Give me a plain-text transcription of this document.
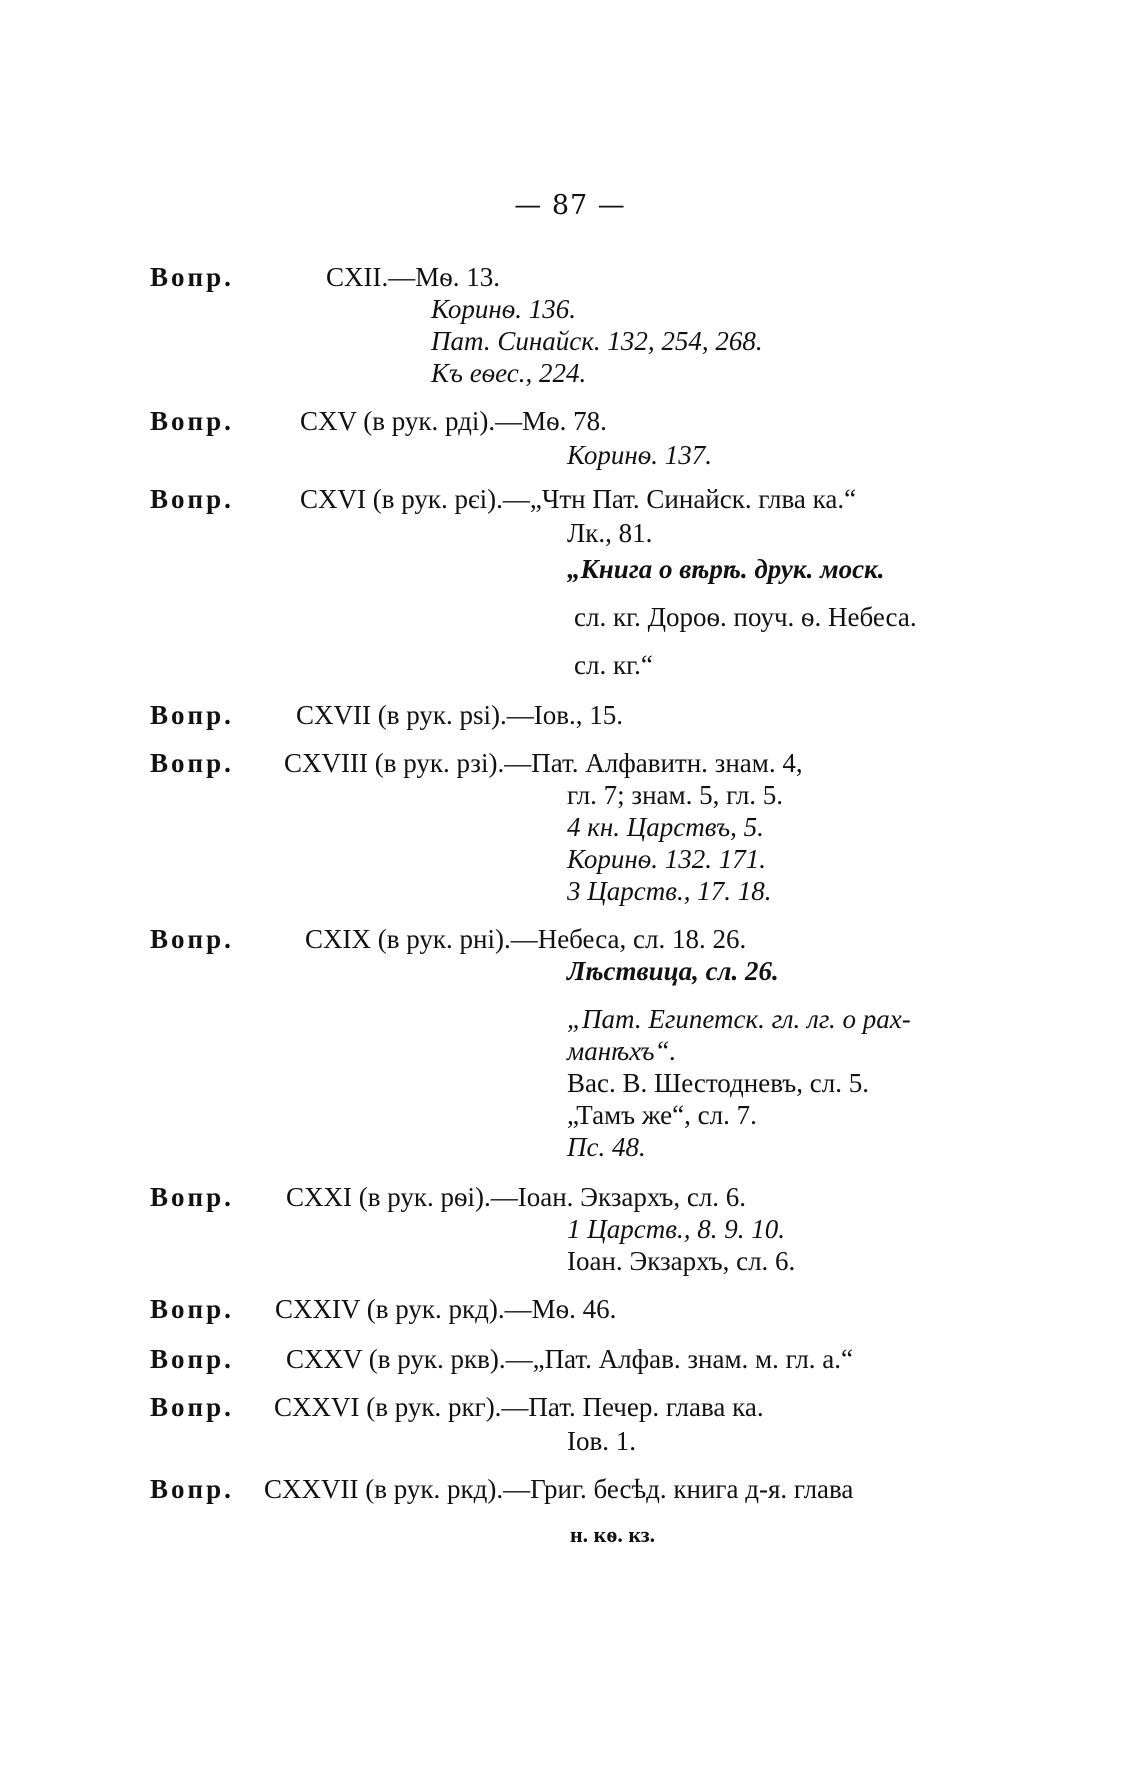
— 87 —
Вопр.	CXII.—Мѳ. 13.
Коринѳ. 136.
Пат. Синайск. 132, 254, 268.
Къ еѳес., 224.
Вопр. CXV (в рук. рді).—Мѳ. 78.
Коринѳ. 137.
Вопр. CXVI (в рук. рєі).—„Чтн Пат. Синайск. глва ка.“
Лк., 81.
„Книга о вѣрѣ. друк. моск.
сл. кг. Дороѳ. поуч. ѳ. Небеса.
сл. кг.“
Вопр. CXVII (в рук. рѕі).—Іов., 15.
Вопр. CXVIII (в рук. рзі).—Пат. Алфавитн. знам. 4,
гл. 7; знам. 5, гл. 5.
4 кн. Царствъ, 5.
Коринѳ. 132. 171.
3 Царств., 17. 18.
Вопр.	CXIX (в рук. рні).—Небеса, сл. 18. 26.
Лѣствица, сл. 26.
„Пат. Египетск. гл. лг. о рах-
манѣхъ“.
Вас. В. Шестодневъ, сл. 5.
„Тамъ же“, сл. 7.
Пс. 48.
Вопр. CXXI (в рук. рѳі).—Іоан. Экзархъ, сл. 6.
1 Царств., 8. 9. 10.
Іоан. Экзархъ, сл. 6.
Вопр. CXXIV (в рук. ркд).—Мѳ. 46.
Вопр. CXXV (в рук. ркв).—„Пат. Алфав. знам. м. гл. а.“
Вопр. CXXVI (в рук. ркг).—Пат. Печер. глава ка.
Іов. 1.
Вопр. CXXVII (в рук. ркд).—Григ. бесѣд. книга д-я. глава
н. кѳ. кз.
